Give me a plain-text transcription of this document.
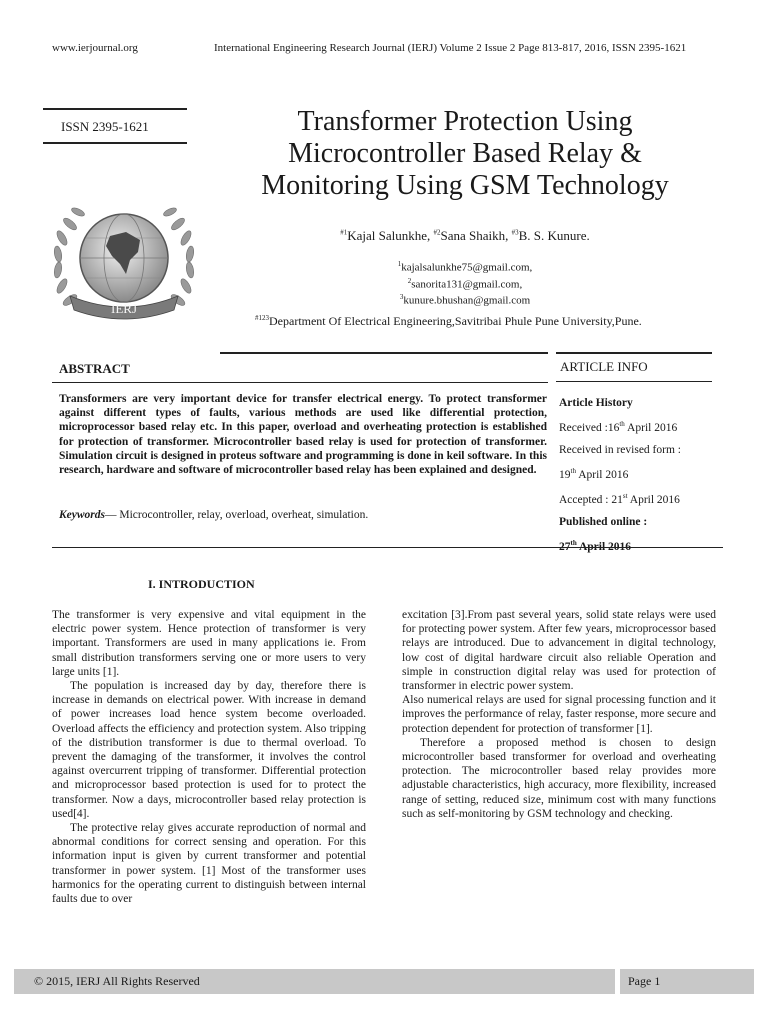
www.ierjournal.org	International Engineering Research Journal (IERJ) Volume 2 Issue 2 Page 813-817, 2016, ISSN 2395-1621
ISSN 2395-1621
IERJ
Transformer Protection Using
Microcontroller Based Relay &
Monitoring Using GSM Technology
$^{\#1}$Kajal Salunkhe, $^{\#2}$Sana Shaikh, $^{\#3}$B. S. Kunure.
$^1$kajalsalunkhe75@gmail.com,
$^2$sanorita131@gmail.com,
$^3$kunure.bhushan@gmail.com
$^{\#123}$Department Of Electrical Engineering,Savitribai Phule Pune University,Pune.
ABSTRACT
Transformers are very important device for transfer electrical energy. To protect transformer against different types of faults, various methods are used like differential protection, microprocessor based relay etc. In this paper, overload and overheating protection is established for protection of transformer. Microcontroller based relay is used for protection of transformer. Simulation circuit is designed in proteus software and programming is done in keil software. In this research, hardware and software of microcontroller based relay has been explained and designed.
Keywords— Microcontroller, relay, overload, overheat, simulation.
ARTICLE INFO
Article History
Received :16th April 2016
Received in revised form :
19th April 2016
Accepted : 21st April 2016
Published online :
27th April 2016
I. INTRODUCTION

The transformer is very expensive and vital equipment in the electric power system. Hence protection of transformer is very important. Transformers are used in many applications ie. From small distribution transformers serving one or more users to very large units [1].

The population is increased day by day, therefore there is increase in demands on electrical power. With increase in demand of power increases load hence system become overloaded. Overload affects the efficiency and protection system. Also tripping of the distribution transformer is due to thermal overload. To prevent the damaging of the transformer, it involves the control against overcurrent tripping of transformer. Differential protection and microprocessor based protection is used for to protect the transformer. Now a days, microcontroller based relay protection is used[4].

The protective relay gives accurate reproduction of normal and abnormal conditions for correct sensing and operation. For this information input is given by current transformer and potential transformer in power system. [1] Most of the transformer uses harmonics for the operating current to distinguish between internal faults due to over

excitation [3].From past several years, solid state relays were used for protecting power system. After few years, microprocessor based relays are introduced. Due to advancement in digital technology, low cost of digital hardware circuit also reliable Operation and simple in construction digital relay was used for protection of transformer in electric power system.

Also numerical relays are used for signal processing function and it improves the performance of relay, faster response, more secure and protection dependent for protection of transformer [1].

Therefore a proposed method is chosen to design microcontroller based transformer for overload and overheating protection. The microcontroller based relay provides more adjustable characteristics, high accuracy, more flexibility, increased range of setting, reduced size, minimum cost with many functions such as self-monitoring by GSM technology and checking.

© 2015, IERJ All Rights Reserved	Page 1
